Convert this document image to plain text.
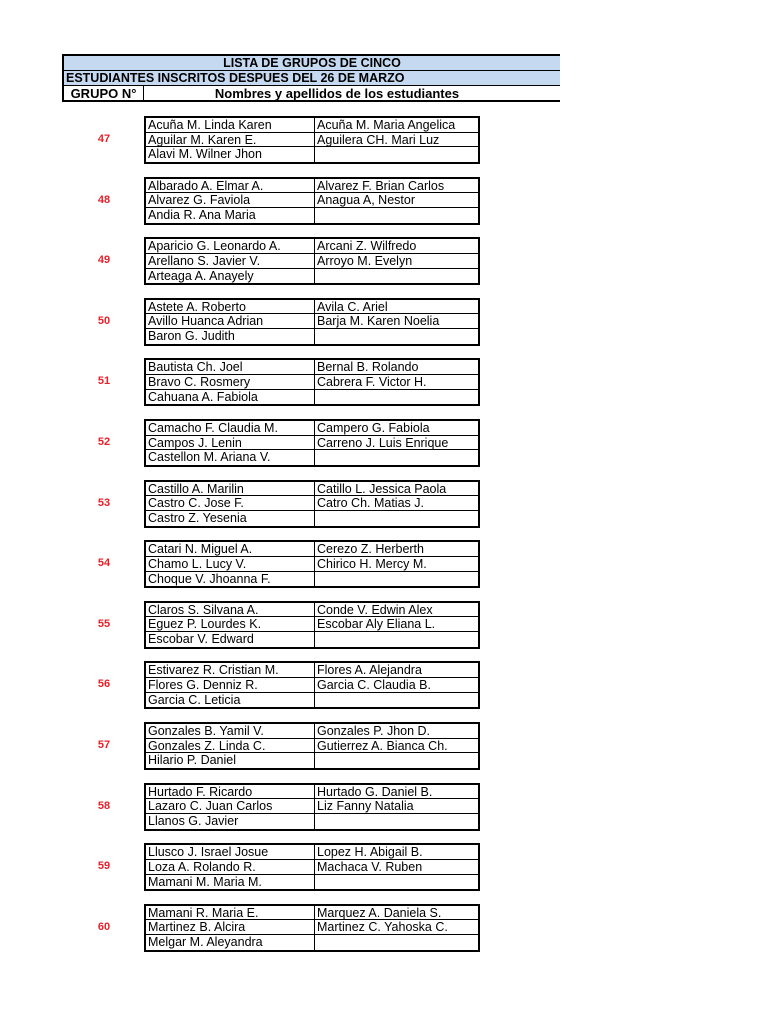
LISTA DE GRUPOS DE CINCO
ESTUDIANTES INSCRITOS DESPUES DEL 26 DE MARZO
GRUPO N°	Nombres y apellidos de los estudiantes
47
Acuña M. Linda Karen	Acuña M. Maria Angelica
Aguilar M. Karen E.	Aguilera CH. Mari Luz
Alavi M. Wilner Jhon
48
Albarado A. Elmar A.	Alvarez F. Brian Carlos
Alvarez G. Faviola	Anagua A, Nestor
Andia R. Ana Maria
49
Aparicio G. Leonardo A.	Arcani Z. Wilfredo
Arellano S. Javier V.	Arroyo M. Evelyn
Arteaga A. Anayely
50
Astete A. Roberto	Avila C. Ariel
Avillo Huanca Adrian	Barja M. Karen Noelia
Baron G. Judith
51
Bautista Ch. Joel	Bernal B. Rolando
Bravo C. Rosmery	Cabrera F. Victor H.
Cahuana A. Fabiola
52
Camacho F. Claudia M.	Campero G. Fabiola
Campos J. Lenin	Carreno J. Luis Enrique
Castellon M. Ariana V.
53
Castillo A. Marilin	Catillo L. Jessica Paola
Castro C. Jose F.	Catro Ch. Matias J.
Castro Z. Yesenia
54
Catari N. Miguel A.	Cerezo Z. Herberth
Chamo L. Lucy V.	Chirico H. Mercy M.
Choque V. Jhoanna F.
55
Claros S. Silvana A.	Conde V. Edwin Alex
Eguez P. Lourdes K.	Escobar Aly Eliana L.
Escobar V. Edward
56
Estivarez R. Cristian M.	Flores A. Alejandra
Flores G. Denniz R.	Garcia C. Claudia B.
Garcia C. Leticia
57
Gonzales B. Yamil V.	Gonzales P. Jhon D.
Gonzales Z. Linda C.	Gutierrez A. Bianca Ch.
Hilario P. Daniel
58
Hurtado F. Ricardo	Hurtado G. Daniel B.
Lazaro C. Juan Carlos	Liz Fanny Natalia
Llanos G. Javier
59
Llusco J. Israel Josue	Lopez H. Abigail B.
Loza A. Rolando R.	Machaca V. Ruben
Mamani M. Maria M.
60
Mamani R. Maria E.	Marquez A. Daniela S.
Martinez B. Alcira	Martinez C. Yahoska C.
Melgar M. Aleyandra
